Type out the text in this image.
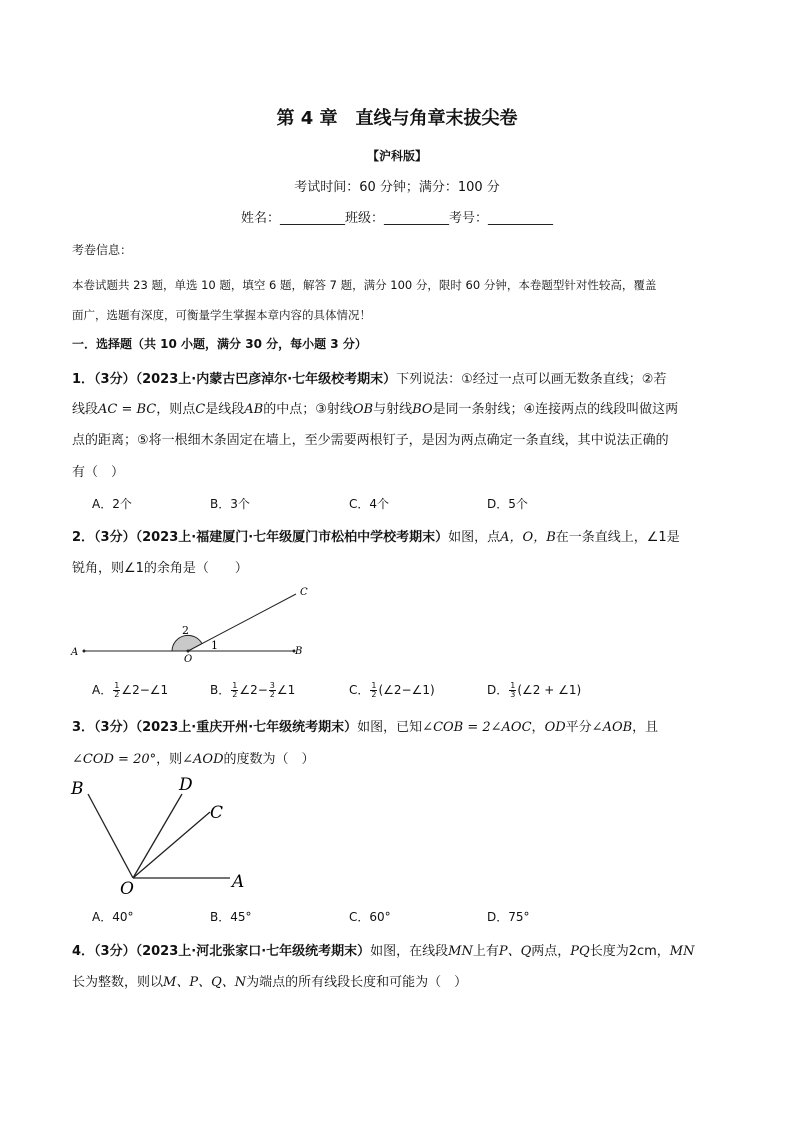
第 4 章　直线与角章末拔尖卷
【沪科版】
考试时间：60 分钟；满分：100 分
姓名：__________班级：__________考号：__________
考卷信息：
本卷试题共 23 题，单选 10 题，填空 6 题，解答 7 题，满分 100 分，限时 60 分钟，本卷题型针对性较高，覆盖
面广，选题有深度，可衡量学生掌握本章内容的具体情况！
一．选择题（共 10 小题，满分 30 分，每小题 3 分）
1．（3分）（2023上·内蒙古巴彦淖尔·七年级校考期末）下列说法：①经过一点可以画无数条直线；②若
线段AC = BC，则点C是线段AB的中点；③射线OB与射线BO是同一条射线；④连接两点的线段叫做这两
点的距离；⑤将一根细木条固定在墙上，至少需要两根钉子，是因为两点确定一条直线，其中说法正确的
有（　）
A．2个	B．3个	C．4个	D．5个
2．（3分）（2023上·福建厦门·七年级厦门市松柏中学校考期末）如图，点A，O，B在一条直线上，∠1是
锐角，则∠1的余角是（　　）
A
O
B
C
2
1
A． $\frac{1}{2}$ ∠2−∠1	B． $\frac{1}{2}$ ∠2− $\frac{3}{2}$ ∠1	C． $\frac{1}{2}$ (∠2−∠1)	D． $\frac{1}{3}$ (∠2 + ∠1)
3．（3分）（2023上·重庆开州·七年级统考期末）如图，已知∠COB = 2∠AOC，OD平分∠AOB，且
∠COD = 20°，则∠AOD的度数为（　）
B	D
C
O	A
A．40°	B．45°	C．60°	D．75°
4．（3分）（2023上·河北张家口·七年级统考期末）如图，在线段MN上有P、Q两点，PQ长度为2cm，MN
长为整数，则以M、P、Q、N为端点的所有线段长度和可能为（　）
